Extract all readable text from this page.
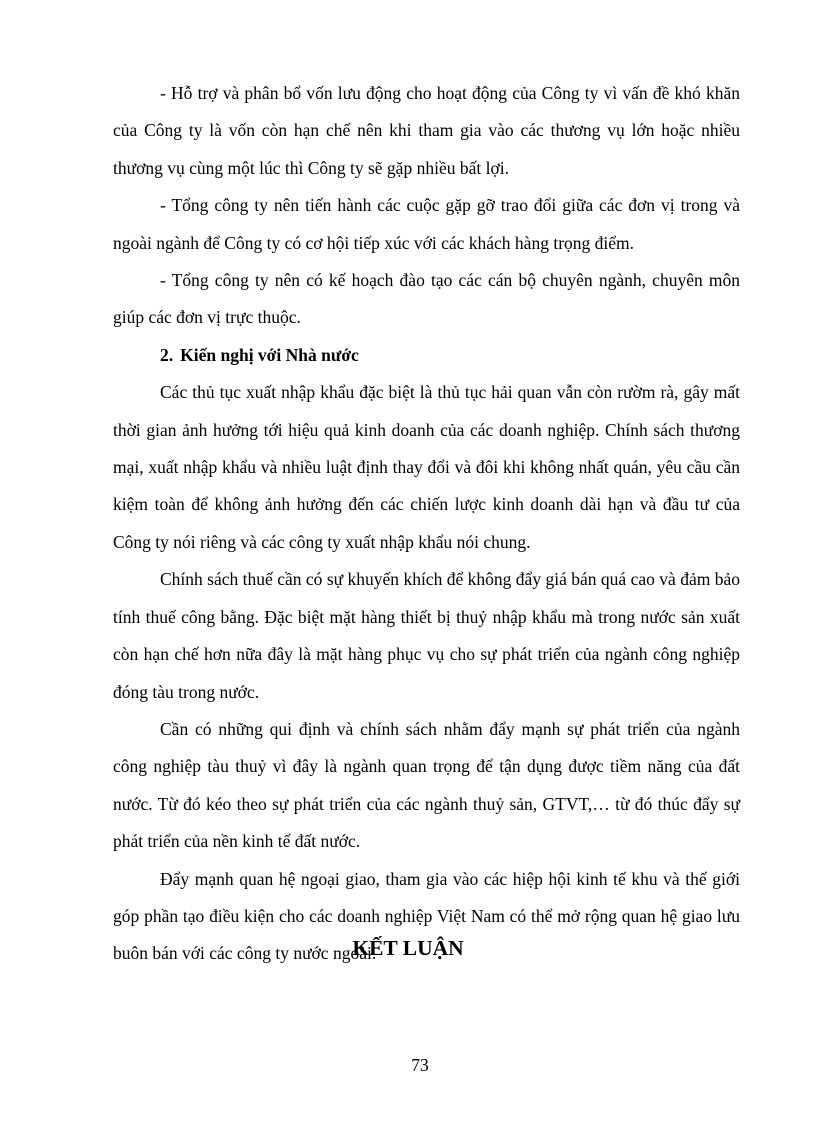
- Hỗ trợ và phân bổ vốn lưu động cho hoạt động của Công ty vì vấn đề khó khăn của Công ty là vốn còn hạn chế nên khi tham gia vào các thương vụ lớn hoặc nhiều thương vụ cùng một lúc thì Công ty sẽ gặp nhiều bất lợi.

- Tổng công ty nên tiến hành các cuộc gặp gỡ trao đổi giữa các đơn vị trong và ngoài ngành để Công ty có cơ hội tiếp xúc với các khách hàng trọng điểm.

- Tổng công ty nên có kế hoạch đào tạo các cán bộ chuyên ngành, chuyên môn giúp các đơn vị trực thuộc.

2. Kiến nghị với Nhà nước

Các thủ tục xuất nhập khẩu đặc biệt là thủ tục hải quan vẫn còn rườm rà, gây mất thời gian ảnh hưởng tới hiệu quả kinh doanh của các doanh nghiệp. Chính sách thương mại, xuất nhập khẩu và nhiều luật định thay đổi và đôi khi không nhất quán, yêu cầu cần kiệm toàn để không ảnh hưởng đến các chiến lược kinh doanh dài hạn và đầu tư của Công ty nói riêng và các công ty xuất nhập khẩu nói chung.

Chính sách thuế cần có sự khuyến khích để không đẩy giá bán quá cao và đảm bảo tính thuế công bằng. Đặc biệt mặt hàng thiết bị thuỷ nhập khẩu mà trong nước sản xuất còn hạn chế hơn nữa đây là mặt hàng phục vụ cho sự phát triển của ngành công nghiệp đóng tàu trong nước.

Cần có những qui định và chính sách nhằm đẩy mạnh sự phát triển của ngành công nghiệp tàu thuỷ vì đây là ngành quan trọng để tận dụng được tiềm năng của đất nước. Từ đó kéo theo sự phát triển của các ngành thuỷ sản, GTVT,… từ đó thúc đẩy sự phát triển của nền kinh tế đất nước.

Đẩy mạnh quan hệ ngoại giao, tham gia vào các hiệp hội kinh tế khu và thế giới góp phần tạo điều kiện cho các doanh nghiệp Việt Nam có thể mở rộng quan hệ giao lưu buôn bán với các công ty nước ngoài.

KẾT LUẬN
73
